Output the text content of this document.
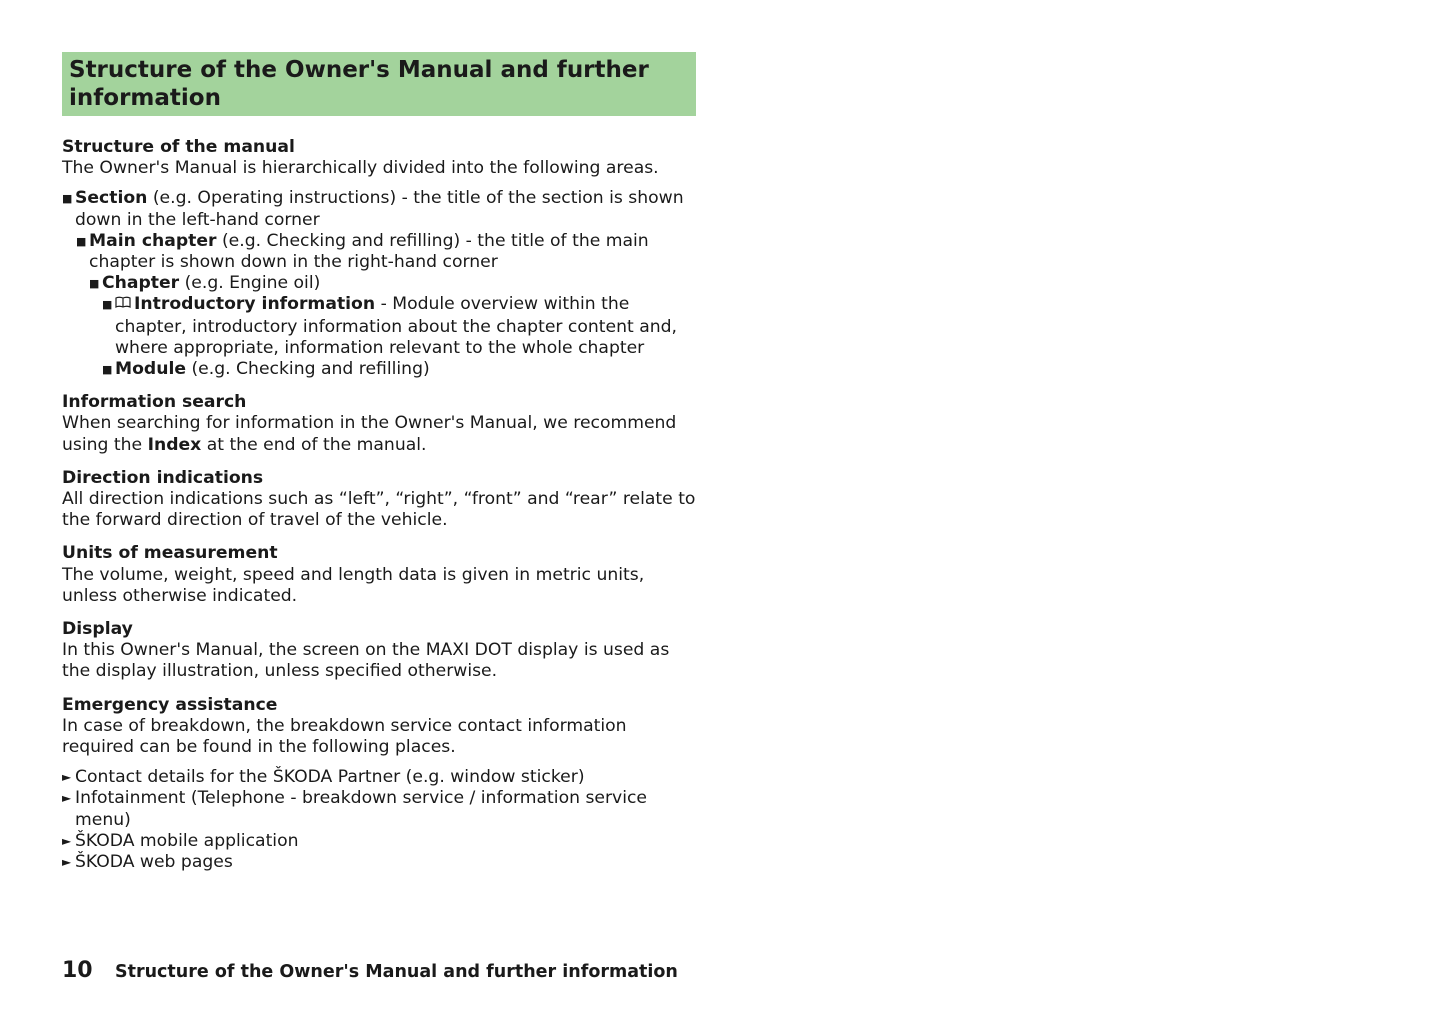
Structure of the Owner's Manual and further information

Structure of the manual

The Owner's Manual is hierarchically divided into the following areas.

■ Section (e.g. Operating instructions) - the title of the section is shown down in the left-hand corner
■ Main chapter (e.g. Checking and refilling) - the title of the main chapter is shown down in the right-hand corner
■ Chapter (e.g. Engine oil)
■ Introductory information - Module overview within the chapter, introductory information about the chapter content and, where appropriate, information relevant to the whole chapter
■ Module (e.g. Checking and refilling)

Information search

When searching for information in the Owner's Manual, we recommend using the Index at the end of the manual.

Direction indications

All direction indications such as “left”, “right”, “front” and “rear” relate to the forward direction of travel of the vehicle.

Units of measurement

The volume, weight, speed and length data is given in metric units, unless otherwise indicated.

Display

In this Owner's Manual, the screen on the MAXI DOT display is used as the display illustration, unless specified otherwise.

Emergency assistance

In case of breakdown, the breakdown service contact information required can be found in the following places.

► Contact details for the ŠKODA Partner (e.g. window sticker)
► Infotainment (Telephone - breakdown service / information service menu)
► ŠKODA mobile application
► ŠKODA web pages
10 Structure of the Owner's Manual and further information
